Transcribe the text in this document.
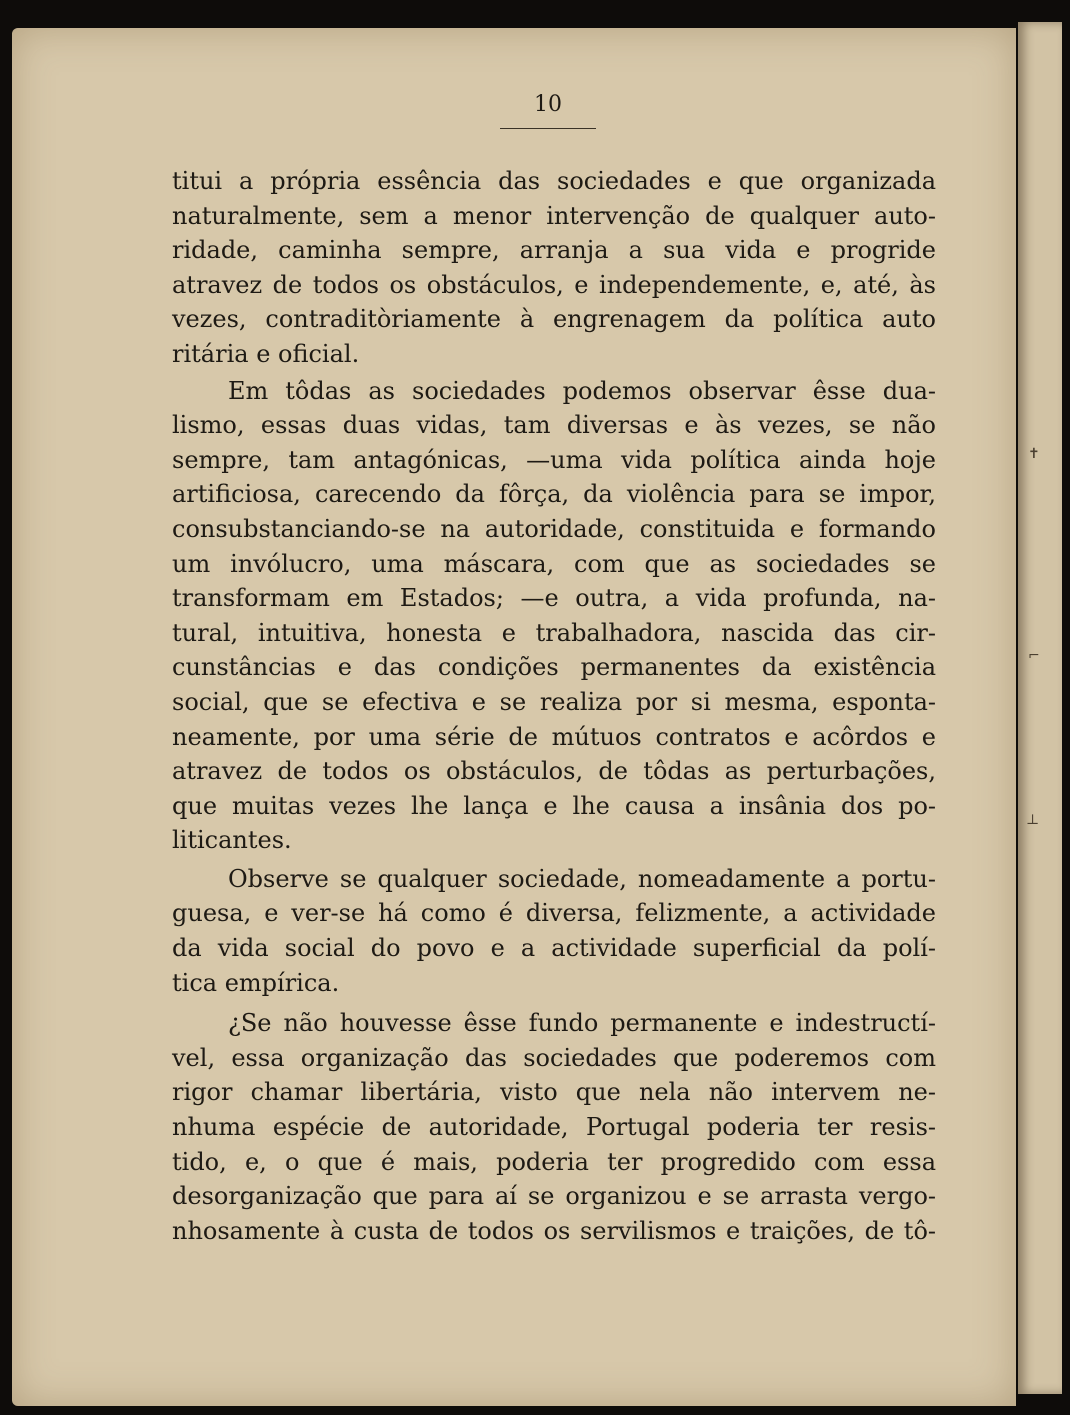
10
titui a própria essência das sociedades e que organizada
naturalmente, sem a menor intervenção de qualquer auto-
ridade, caminha sempre, arranja a sua vida e progride
atravez de todos os obstáculos, e independemente, e, até, às
vezes, contraditòriamente à engrenagem da política auto
ritária e oficial.
Em tôdas as sociedades podemos observar êsse dua-
lismo, essas duas vidas, tam diversas e às vezes, se não
sempre, tam antagónicas, —uma vida política ainda hoje
artificiosa, carecendo da fôrça, da violência para se impor,
consubstanciando-se na autoridade, constituida e formando
um invólucro, uma máscara, com que as sociedades se
transformam em Estados; —e outra, a vida profunda, na-
tural, intuitiva, honesta e trabalhadora, nascida das cir-
cunstâncias e das condições permanentes da existência
social, que se efectiva e se realiza por si mesma, esponta-
neamente, por uma série de mútuos contratos e acôrdos e
atravez de todos os obstáculos, de tôdas as perturbações,
que muitas vezes lhe lança e lhe causa a insânia dos po-
liticantes.
Observe se qualquer sociedade, nomeadamente a portu-
guesa, e ver-se há como é diversa, felizmente, a actividade
da vida social do povo e a actividade superficial da polí-
tica empírica.
¿Se não houvesse êsse fundo permanente e indestructí-
vel, essa organização das sociedades que poderemos com
rigor chamar libertária, visto que nela não intervem ne-
nhuma espécie de autoridade, Portugal poderia ter resis-
tido, e, o que é mais, poderia ter progredido com essa
desorganização que para aí se organizou e se arrasta vergo-
nhosamente à custa de todos os servilismos e traições, de tô-
✝
⌐
⊥
